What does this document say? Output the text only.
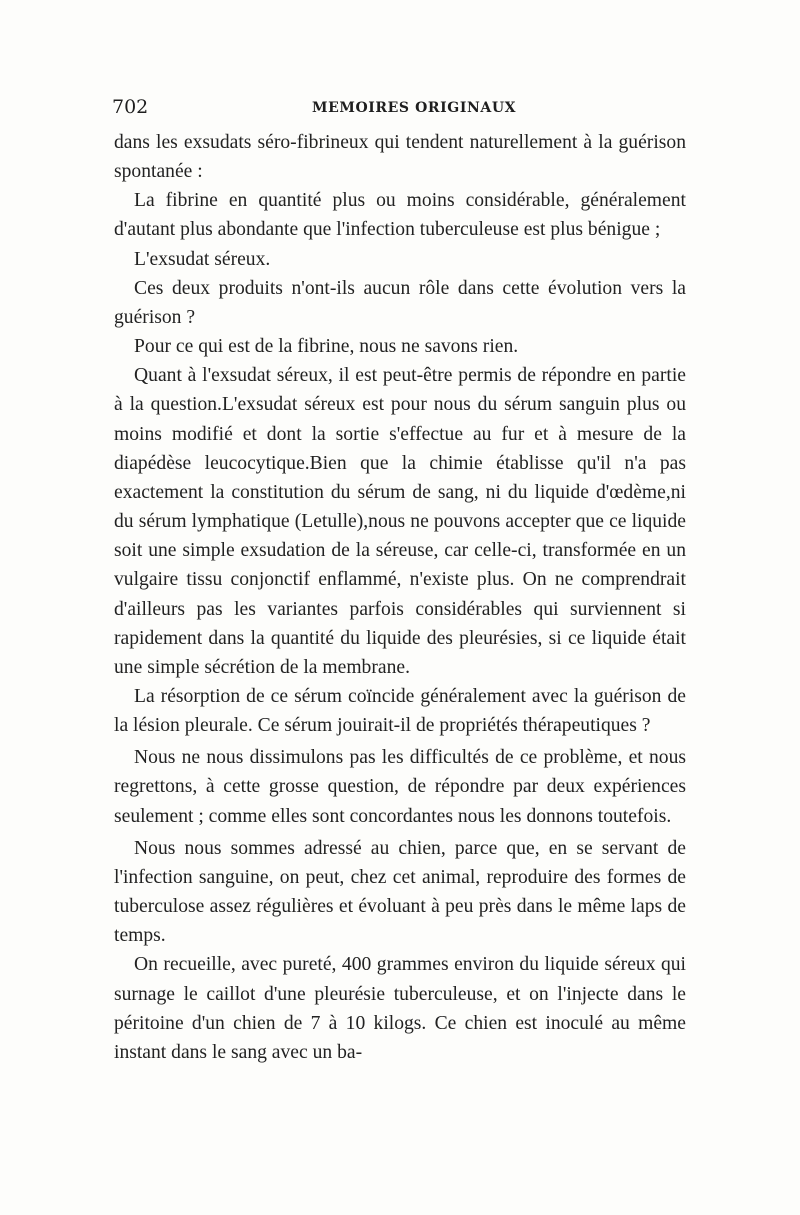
702	MEMOIRES ORIGINAUX

dans les exsudats séro-fibrineux qui tendent naturellement à la guérison spontanée :

La fibrine en quantité plus ou moins considérable, généralement d'autant plus abondante que l'infection tuberculeuse est plus bénigue ;

L'exsudat séreux.

Ces deux produits n'ont-ils aucun rôle dans cette évolution vers la guérison ?

Pour ce qui est de la fibrine, nous ne savons rien.

Quant à l'exsudat séreux, il est peut-être permis de répondre en partie à la question.L'exsudat séreux est pour nous du sérum sanguin plus ou moins modifié et dont la sortie s'effectue au fur et à mesure de la diapédèse leucocytique.Bien que la chimie établisse qu'il n'a pas exactement la constitution du sérum de sang, ni du liquide d'œdème,ni du sérum lymphatique (Letulle),nous ne pouvons accepter que ce liquide soit une simple exsudation de la séreuse, car celle-ci, transformée en un vulgaire tissu conjonctif enflammé, n'existe plus. On ne comprendrait d'ailleurs pas les variantes parfois considérables qui surviennent si rapidement dans la quantité du liquide des pleurésies, si ce liquide était une simple sécrétion de la membrane.

La résorption de ce sérum coïncide généralement avec la guérison de la lésion pleurale. Ce sérum jouirait-il de propriétés thérapeutiques ?

Nous ne nous dissimulons pas les difficultés de ce problème, et nous regrettons, à cette grosse question, de répondre par deux expériences seulement ; comme elles sont concordantes nous les donnons toutefois.

Nous nous sommes adressé au chien, parce que, en se servant de l'infection sanguine, on peut, chez cet animal, reproduire des formes de tuberculose assez régulières et évoluant à peu près dans le même laps de temps.

On recueille, avec pureté, 400 grammes environ du liquide séreux qui surnage le caillot d'une pleurésie tuberculeuse, et on l'injecte dans le péritoine d'un chien de 7 à 10 kilogs. Ce chien est inoculé au même instant dans le sang avec un ba-
